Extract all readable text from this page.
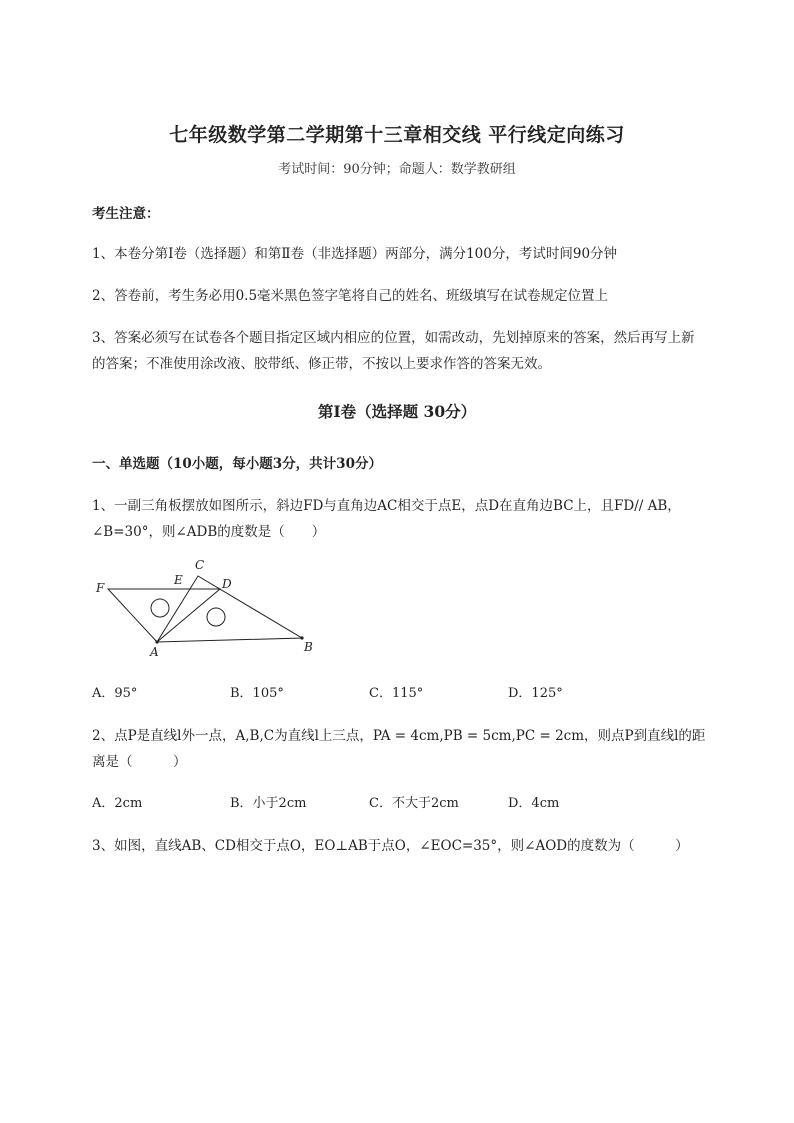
七年级数学第二学期第十三章相交线 平行线定向练习
考试时间：90分钟；命题人：数学教研组
考生注意：
1、本卷分第I卷（选择题）和第Ⅱ卷（非选择题）两部分，满分100分，考试时间90分钟
2、答卷前，考生务必用0.5毫米黑色签字笔将自己的姓名、班级填写在试卷规定位置上
3、答案必须写在试卷各个题目指定区域内相应的位置，如需改动，先划掉原来的答案，然后再写上新
的答案；不准使用涂改液、胶带纸、修正带，不按以上要求作答的答案无效。
第I卷（选择题 30分）
一、单选题（10小题，每小题3分，共计30分）
1、一副三角板摆放如图所示，斜边FD与直角边AC相交于点E，点D在直角边BC上，且FD// AB，
∠B=30°，则∠ADB的度数是（　　）
F
E
C
D
A	B
A．95°	B．105°	C．115°	D．125°
2、点P是直线l外一点，A,B,C为直线l上三点，PA = 4cm,PB = 5cm,PC = 2cm，则点P到直线l的距
离是（　　　）
A．2cm	B．小于2cm	C．不大于2cm	D．4cm
3、如图，直线AB、CD相交于点O，EO⊥AB于点O，∠EOC=35°，则∠AOD的度数为（　　　）
